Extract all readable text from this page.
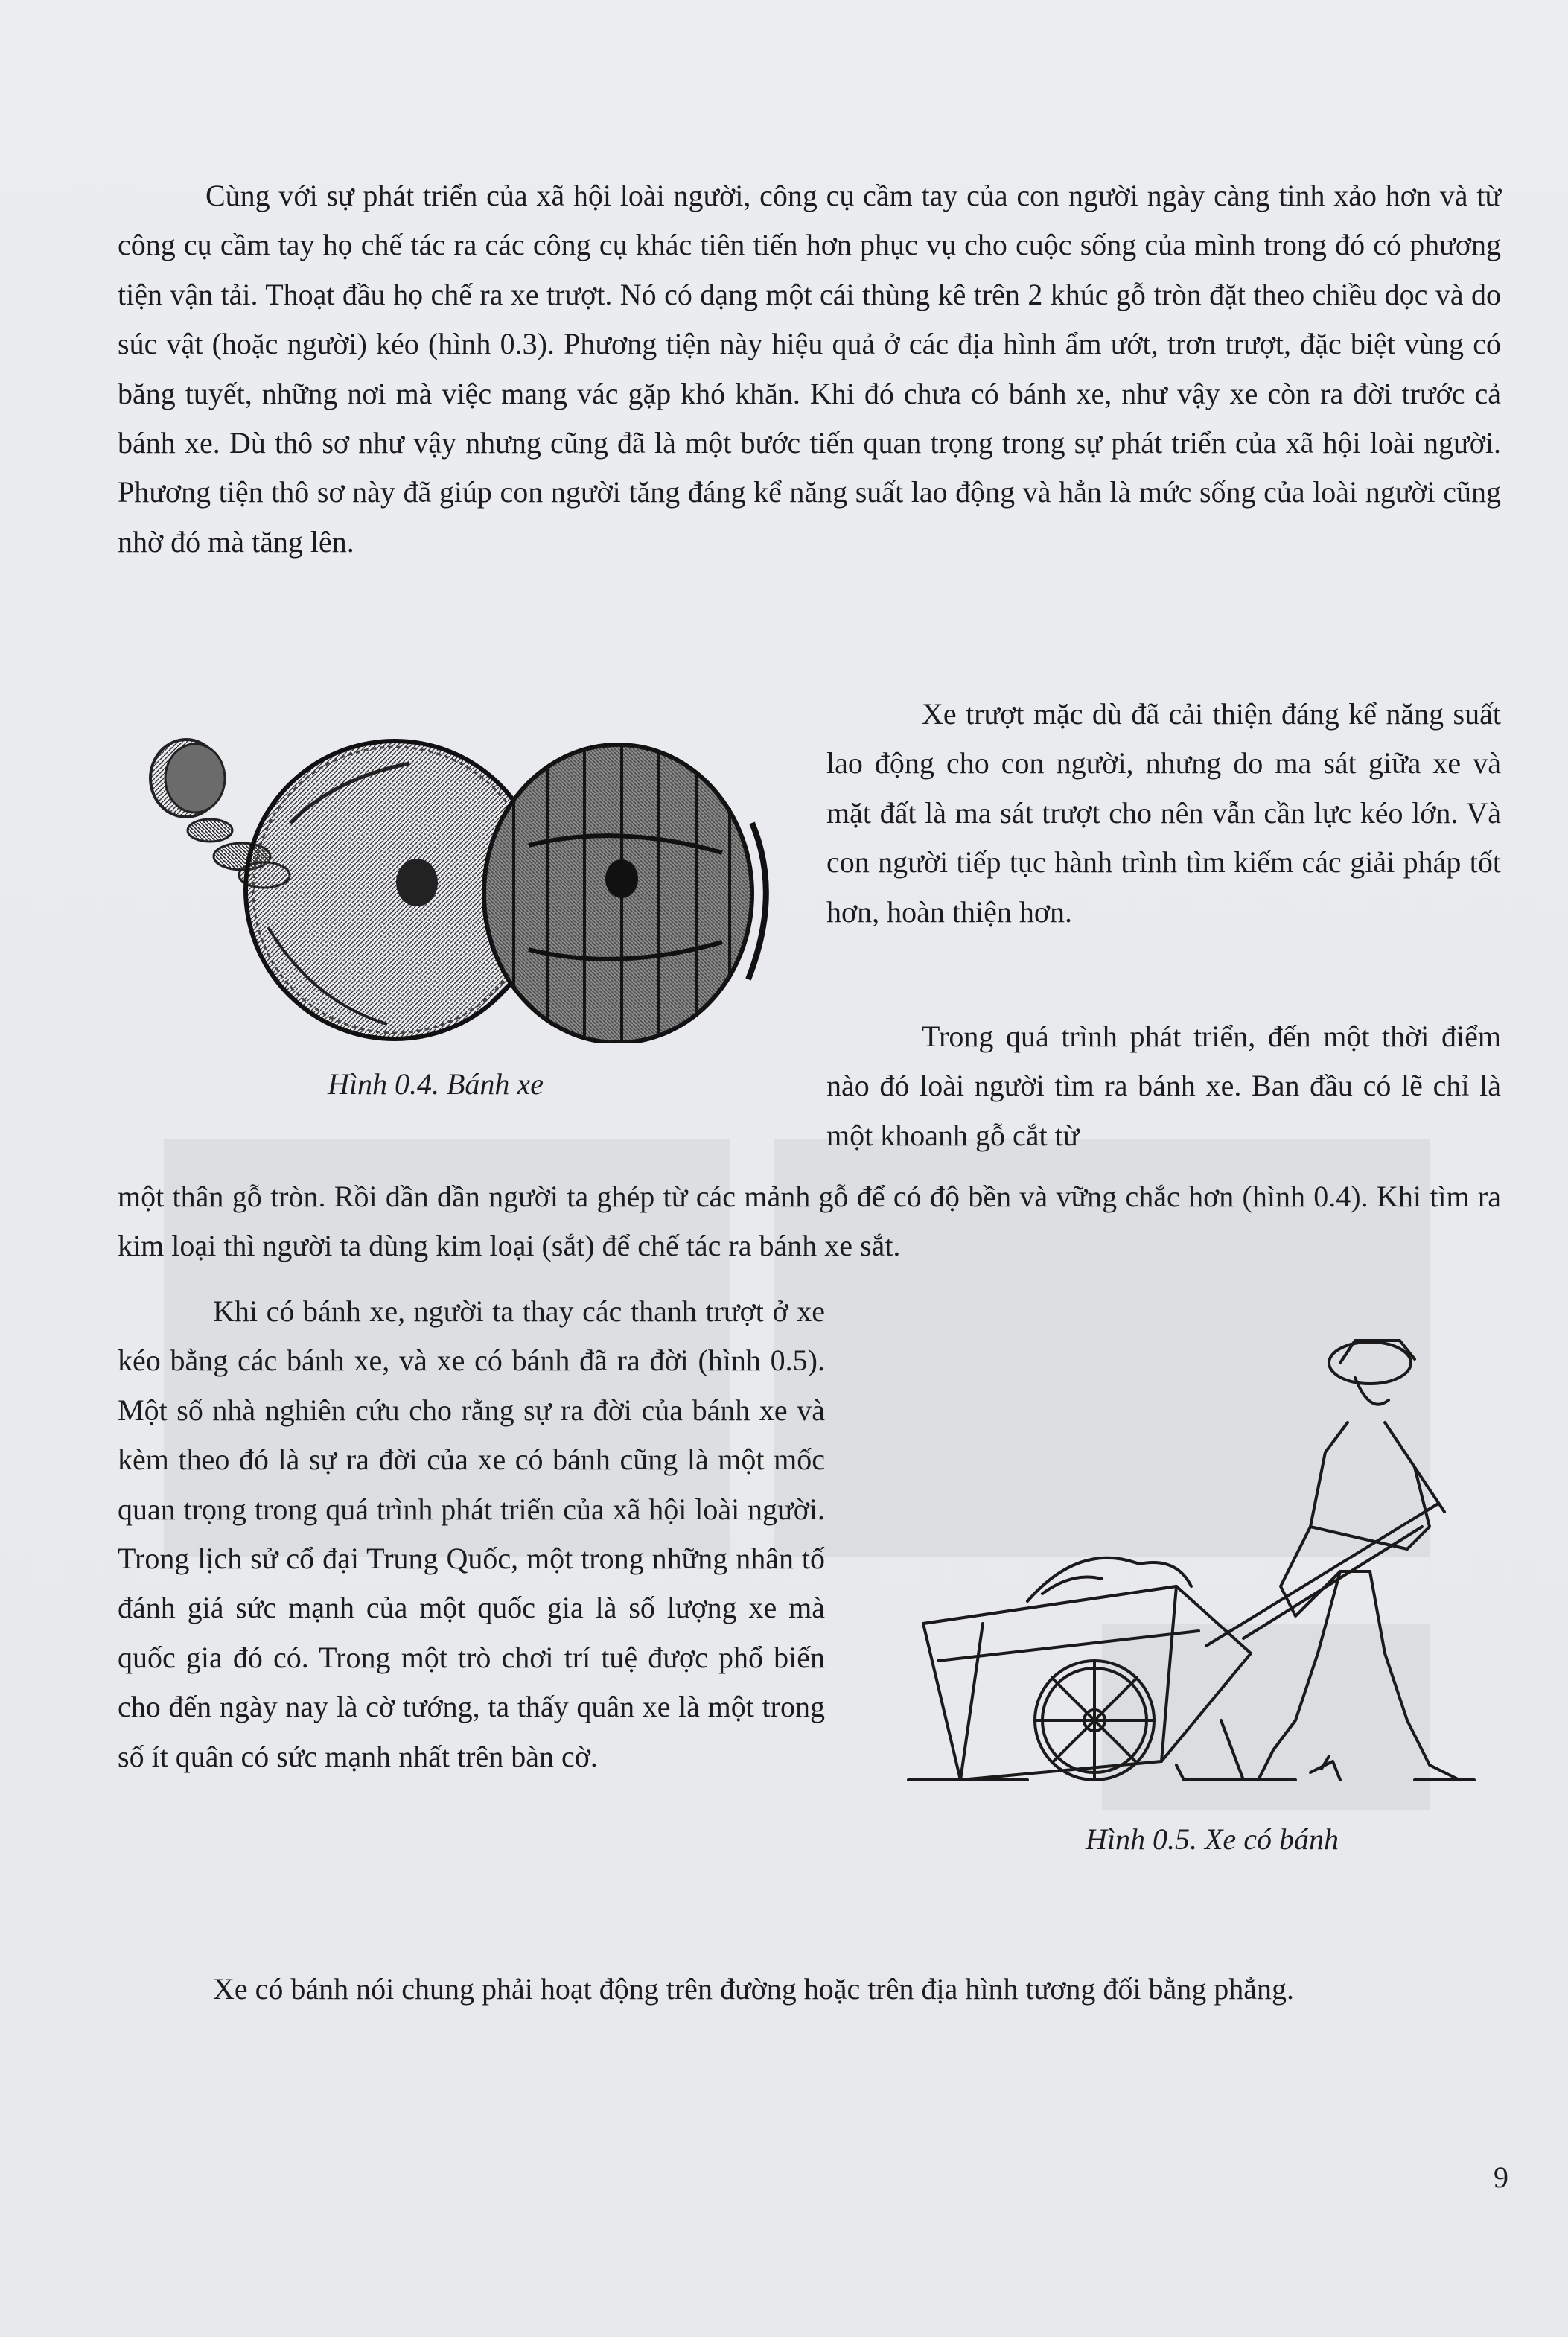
Cùng với sự phát triển của xã hội loài người, công cụ cầm tay của con người ngày càng tinh xảo hơn và từ công cụ cầm tay họ chế tác ra các công cụ khác tiên tiến hơn phục vụ cho cuộc sống của mình trong đó có phương tiện vận tải. Thoạt đầu họ chế ra xe trượt. Nó có dạng một cái thùng kê trên 2 khúc gỗ tròn đặt theo chiều dọc và do súc vật (hoặc người) kéo (hình 0.3). Phương tiện này hiệu quả ở các địa hình ẩm ướt, trơn trượt, đặc biệt vùng có băng tuyết, những nơi mà việc mang vác gặp khó khăn. Khi đó chưa có bánh xe, như vậy xe còn ra đời trước cả bánh xe. Dù thô sơ như vậy nhưng cũng đã là một bước tiến quan trọng trong sự phát triển của xã hội loài người. Phương tiện thô sơ này đã giúp con người tăng đáng kể năng suất lao động và hẳn là mức sống của loài người cũng nhờ đó mà tăng lên.

Hình 0.4. Bánh xe

Xe trượt mặc dù đã cải thiện đáng kể năng suất lao động cho con người, nhưng do ma sát giữa xe và mặt đất là ma sát trượt cho nên vẫn cần lực kéo lớn. Và con người tiếp tục hành trình tìm kiếm các giải pháp tốt hơn, hoàn thiện hơn.

Trong quá trình phát triển, đến một thời điểm nào đó loài người tìm ra bánh xe. Ban đầu có lẽ chỉ là một khoanh gỗ cắt từ

một thân gỗ tròn. Rồi dần dần người ta ghép từ các mảnh gỗ để có độ bền và vững chắc hơn (hình 0.4). Khi tìm ra kim loại thì người ta dùng kim loại (sắt) để chế tác ra bánh xe sắt.

Khi có bánh xe, người ta thay các thanh trượt ở xe kéo bằng các bánh xe, và xe có bánh đã ra đời (hình 0.5). Một số nhà nghiên cứu cho rằng sự ra đời của bánh xe và kèm theo đó là sự ra đời của xe có bánh cũng là một mốc quan trọng trong quá trình phát triển của xã hội loài người. Trong lịch sử cổ đại Trung Quốc, một trong những nhân tố đánh giá sức mạnh của một quốc gia là số lượng xe mà quốc gia đó có. Trong một trò chơi trí tuệ được phổ biến cho đến ngày nay là cờ tướng, ta thấy quân xe là một trong số ít quân có sức mạnh nhất trên bàn cờ.

Hình 0.5. Xe có bánh

Xe có bánh nói chung phải hoạt động trên đường hoặc trên địa hình tương đối bằng phẳng.

9
